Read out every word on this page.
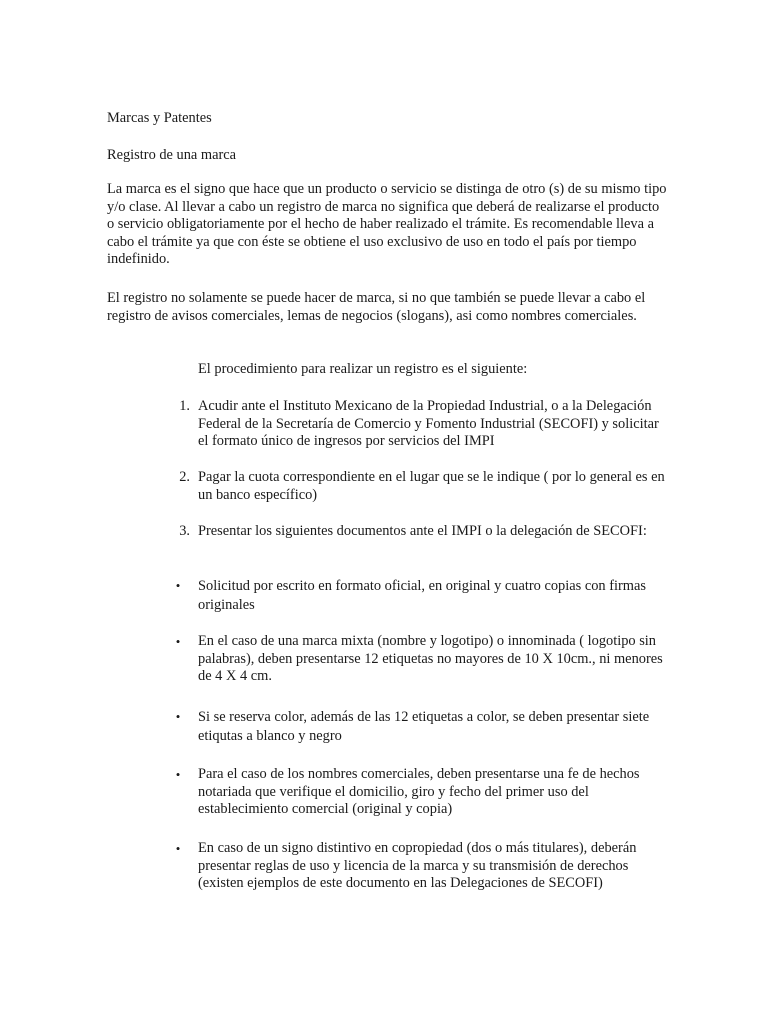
Marcas y Patentes

Registro de una marca

La marca es el signo que hace que un producto o servicio se distinga de otro (s) de su mismo tipo y/o clase. Al llevar a cabo un registro de marca no significa que deberá de realizarse el producto o servicio obligatoriamente por el hecho de haber realizado el trámite. Es recomendable lleva a cabo el trámite ya que con éste se obtiene el uso exclusivo de uso en todo el país por tiempo indefinido.

El registro no solamente se puede hacer de marca, si no que también se puede llevar a cabo el registro de avisos comerciales, lemas de negocios (slogans), asi como nombres comerciales.

El procedimiento para realizar un registro es el siguiente:

1. Acudir ante el Instituto Mexicano de la Propiedad Industrial, o a la Delegación Federal de la Secretaría de Comercio y Fomento Industrial (SECOFI) y solicitar el formato único de ingresos por servicios del IMPI

2. Pagar la cuota correspondiente en el lugar que se le indique ( por lo general es en un banco específico)

3. Presentar los siguientes documentos ante el IMPI o la delegación de SECOFI:

• Solicitud por escrito en formato oficial, en original y cuatro copias con firmas originales

• En el caso de una marca mixta (nombre y logotipo) o innominada ( logotipo sin palabras), deben presentarse 12 etiquetas no mayores de 10 X 10cm., ni menores de 4 X 4 cm.

• Si se reserva color, además de las 12 etiquetas a color, se deben presentar siete etiqutas a blanco y negro

• Para el caso de los nombres comerciales, deben presentarse una fe de hechos notariada que verifique el domicilio, giro y fecho del primer uso del establecimiento comercial (original y copia)

• En caso de un signo distintivo en copropiedad (dos o más titulares), deberán presentar reglas de uso y licencia de la marca y su transmisión de derechos (existen ejemplos de este documento en las Delegaciones de SECOFI)
